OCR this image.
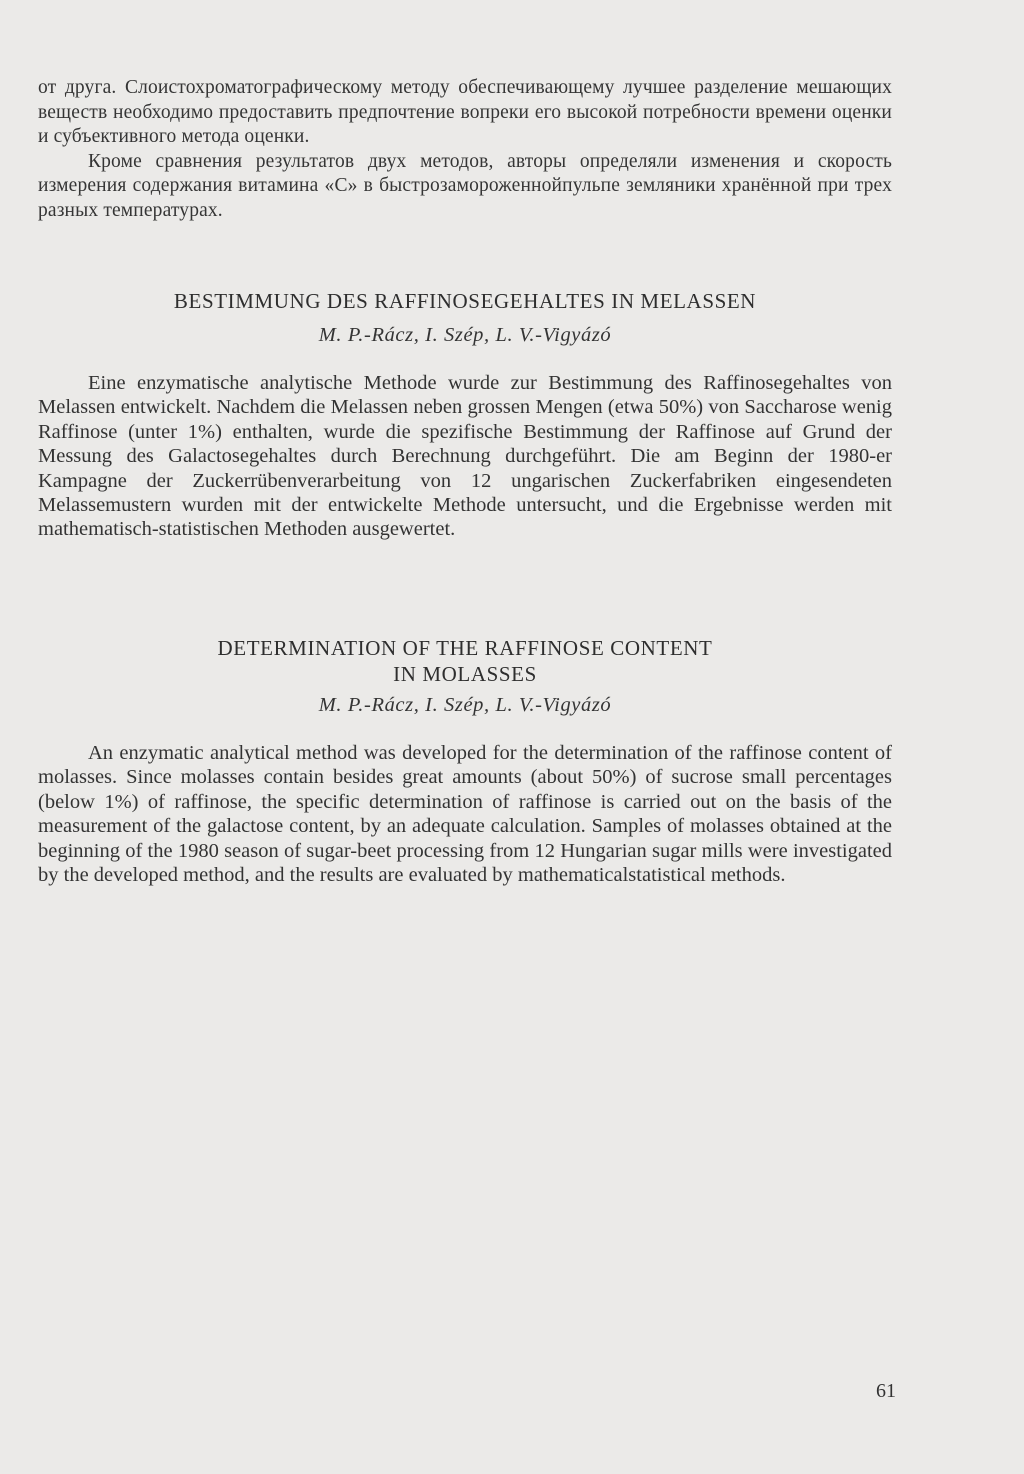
от друга. Слоистохроматографическому методу обеспечивающему лучшее разделение мешающих веществ необходимо предоставить предпочтение вопреки его высокой потребности времени оценки и субъективного метода оценки.

Кроме сравнения результатов двух методов, авторы определяли изменения и скорость измерения содержания витамина «С» в быстрозамороженнойпульпе земляники хранённой при трех разных температурах.

BESTIMMUNG DES RAFFINOSEGEHALTES IN MELASSEN
M. P.-Rácz, I. Szép, L. V.-Vigyázó

Eine enzymatische analytische Methode wurde zur Bestimmung des Raffinosegehaltes von Melassen entwickelt. Nachdem die Melassen neben grossen Mengen (etwa 50%) von Saccharose wenig Raffinose (unter 1%) enthalten, wurde die spezifische Bestimmung der Raffinose auf Grund der Messung des Galactosegehaltes durch Berechnung durchgeführt. Die am Beginn der 1980-er Kampagne der Zuckerrübenverarbeitung von 12 ungarischen Zuckerfabriken eingesendeten Melassemustern wurden mit der entwickelte Methode untersucht, und die Ergebnisse werden mit mathematisch-statistischen Methoden ausgewertet.

DETERMINATION OF THE RAFFINOSE CONTENT
IN MOLASSES
M. P.-Rácz, I. Szép, L. V.-Vigyázó

An enzymatic analytical method was developed for the determination of the raffinose content of molasses. Since molasses contain besides great amounts (about 50%) of sucrose small percentages (below 1%) of raffinose, the specific determination of raffinose is carried out on the basis of the measurement of the galactose content, by an adequate calculation. Samples of molasses obtained at the beginning of the 1980 season of sugar-beet processing from 12 Hungarian sugar mills were investigated by the developed method, and the results are evaluated by mathematicalstatistical methods.

61
